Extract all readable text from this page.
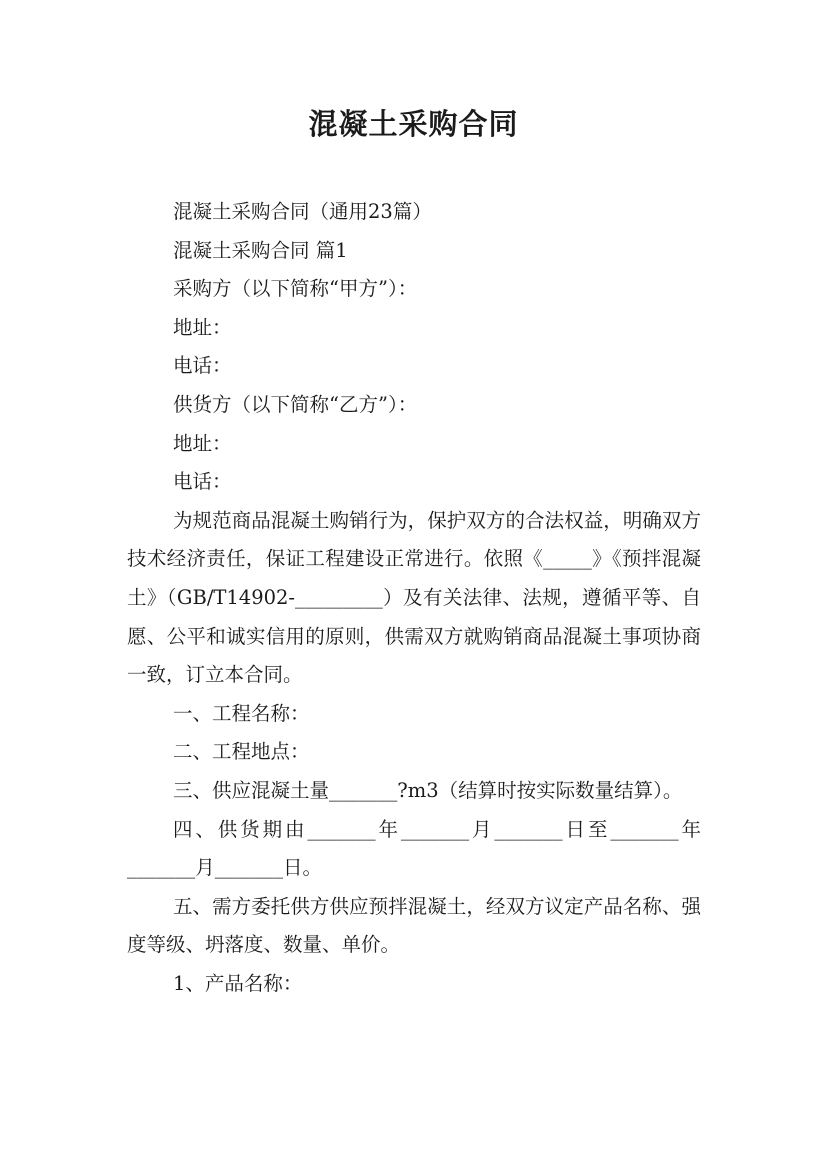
混凝土采购合同

混凝土采购合同（通用23篇）

混凝土采购合同 篇1

采购方（以下简称“甲方”）：

地址：

电话：

供货方（以下简称“乙方”）：

地址：

电话：

为规范商品混凝土购销行为，保护双方的合法权益，明确双方技术经济责任，保证工程建设正常进行。依照《_____》《预拌混凝土》（GB/T14902-_________）及有关法律、法规，遵循平等、自愿、公平和诚实信用的原则，供需双方就购销商品混凝土事项协商一致，订立本合同。

一、工程名称：

二、工程地点：

三、供应混凝土量_______?m3（结算时按实际数量结算）。

四、供货期由_______年_______月_______日至_______年_______月_______日。

五、需方委托供方供应预拌混凝土，经双方议定产品名称、强度等级、坍落度、数量、单价。

1、产品名称：
